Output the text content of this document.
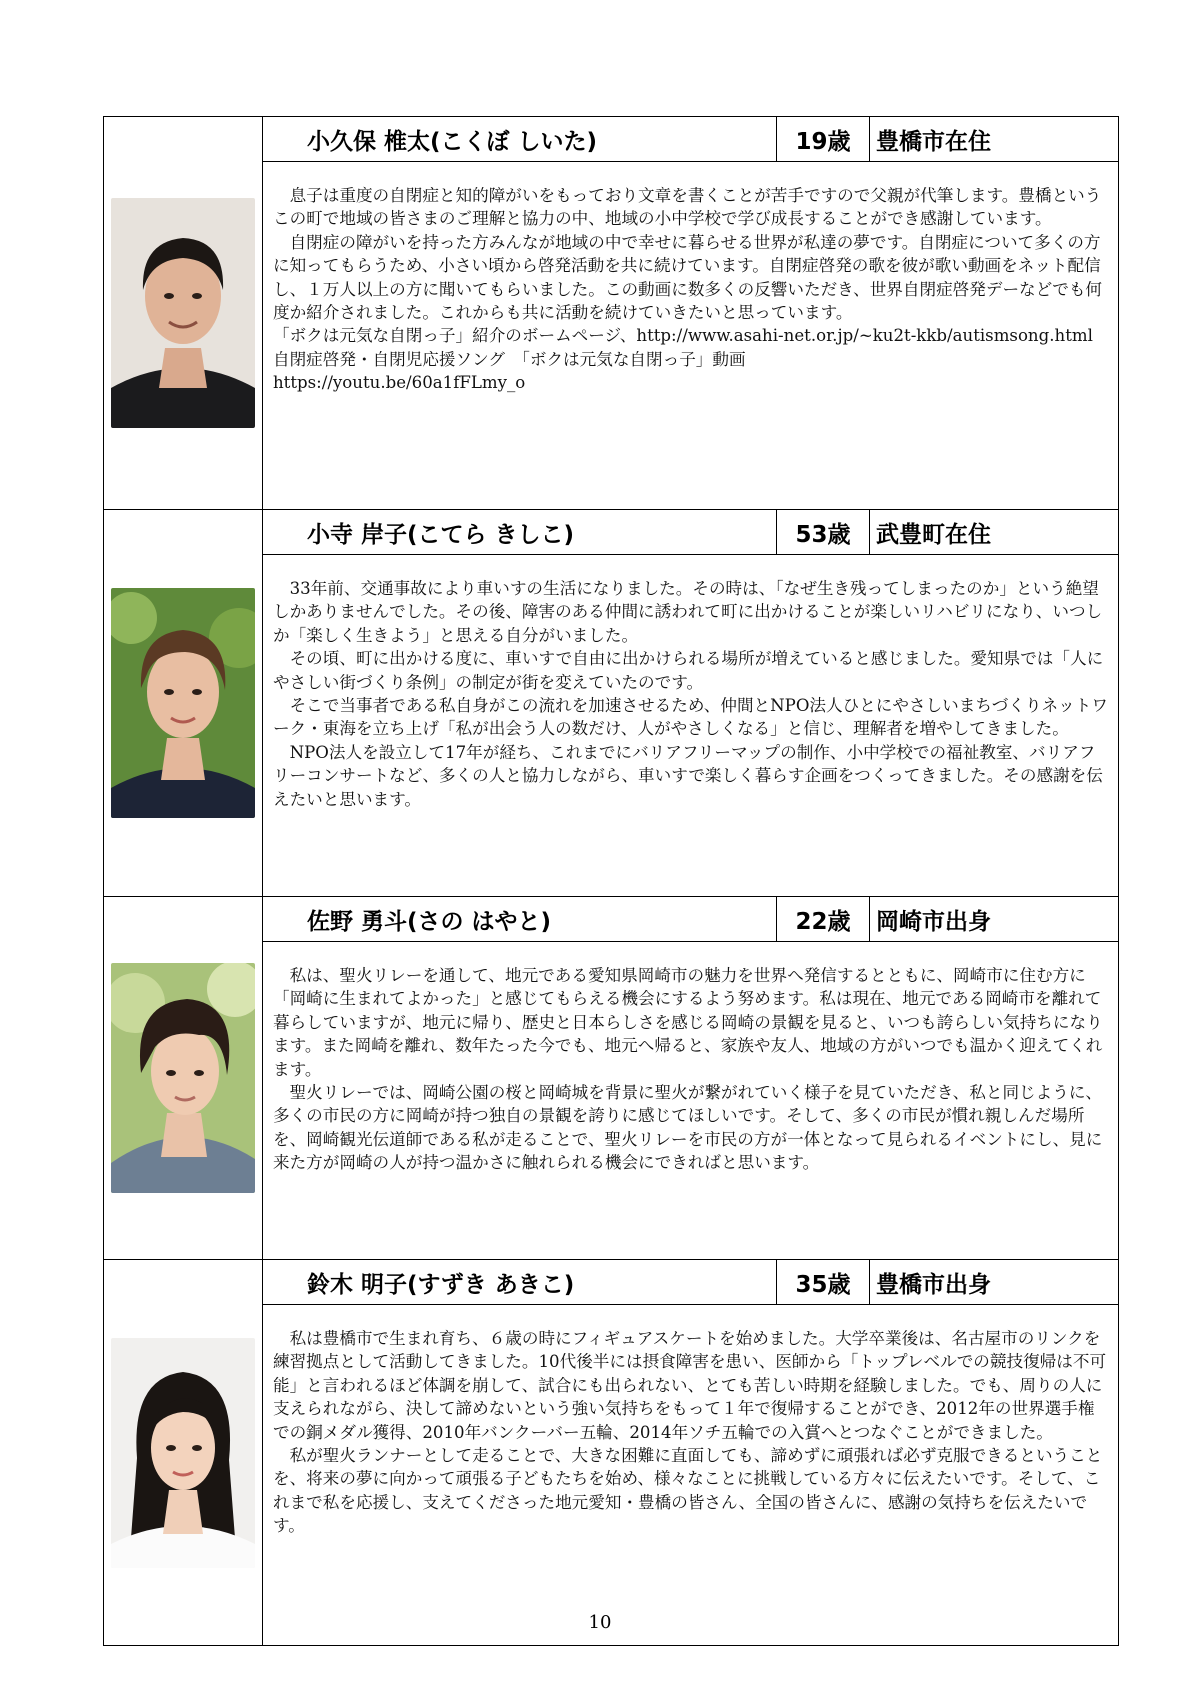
	小久保 椎太(こくぼ しいた)	19歳	豊橋市在住

	息子は重度の自閉症と知的障がいをもっており文章を書くことが苦手ですので父親が代筆します。豊橋というこの町で地域の皆さまのご理解と協力の中、地域の小中学校で学び成長することができ感謝しています。

自閉症の障がいを持った方みんなが地域の中で幸せに暮らせる世界が私達の夢です。自閉症について多くの方に知ってもらうため、小さい頃から啓発活動を共に続けています。自閉症啓発の歌を彼が歌い動画をネット配信し、１万人以上の方に聞いてもらいました。この動画に数多くの反響いただき、世界自閉症啓発デーなどでも何度か紹介されました。これからも共に活動を続けていきたいと思っています。

「ボクは元気な自閉っ子」紹介のボームページ、http://www.asahi-net.or.jp/~ku2t-kkb/autismsong.html

自閉症啓発・自閉児応援ソング　「ボクは元気な自閉っ子」動画

https://youtu.be/60a1fFLmy_o		

	小寺 岸子(こてら きしこ)	53歳	武豊町在住

	33年前、交通事故により車いすの生活になりました。その時は、「なぜ生き残ってしまったのか」という絶望しかありませんでした。その後、障害のある仲間に誘われて町に出かけることが楽しいリハビリになり、いつしか「楽しく生きよう」と思える自分がいました。

その頃、町に出かける度に、車いすで自由に出かけられる場所が増えていると感じました。愛知県では「人にやさしい街づくり条例」の制定が街を変えていたのです。

そこで当事者である私自身がこの流れを加速させるため、仲間とNPO法人ひとにやさしいまちづくりネットワーク・東海を立ち上げ「私が出会う人の数だけ、人がやさしくなる」と信じ、理解者を増やしてきました。

NPO法人を設立して17年が経ち、これまでにバリアフリーマップの制作、小中学校での福祉教室、バリアフリーコンサートなど、多くの人と協力しながら、車いすで楽しく暮らす企画をつくってきました。その感謝を伝えたいと思います。		

	佐野 勇斗(さの はやと)	22歳	岡崎市出身

	私は、聖火リレーを通して、地元である愛知県岡崎市の魅力を世界へ発信するとともに、岡崎市に住む方に「岡崎に生まれてよかった」と感じてもらえる機会にするよう努めます。私は現在、地元である岡崎市を離れて暮らしていますが、地元に帰り、歴史と日本らしさを感じる岡崎の景観を見ると、いつも誇らしい気持ちになります。また岡崎を離れ、数年たった今でも、地元へ帰ると、家族や友人、地域の方がいつでも温かく迎えてくれます。

聖火リレーでは、岡崎公園の桜と岡崎城を背景に聖火が繋がれていく様子を見ていただき、私と同じように、多くの市民の方に岡崎が持つ独自の景観を誇りに感じてほしいです。そして、多くの市民が慣れ親しんだ場所を、岡崎観光伝道師である私が走ることで、聖火リレーを市民の方が一体となって見られるイベントにし、見に来た方が岡崎の人が持つ温かさに触れられる機会にできればと思います。		

	鈴木 明子(すずき あきこ)	35歳	豊橋市出身

	私は豊橋市で生まれ育ち、６歳の時にフィギュアスケートを始めました。大学卒業後は、名古屋市のリンクを練習拠点として活動してきました。10代後半には摂食障害を患い、医師から「トップレベルでの競技復帰は不可能」と言われるほど体調を崩して、試合にも出られない、とても苦しい時期を経験しました。でも、周りの人に支えられながら、決して諦めないという強い気持ちをもって１年で復帰することができ、2012年の世界選手権での銅メダル獲得、2010年バンクーバー五輪、2014年ソチ五輪での入賞へとつなぐことができました。

私が聖火ランナーとして走ることで、大きな困難に直面しても、諦めずに頑張れば必ず克服できるということを、将来の夢に向かって頑張る子どもたちを始め、様々なことに挑戦している方々に伝えたいです。そして、これまで私を応援し、支えてくださった地元愛知・豊橋の皆さん、全国の皆さんに、感謝の気持ちを伝えたいです。		

10
